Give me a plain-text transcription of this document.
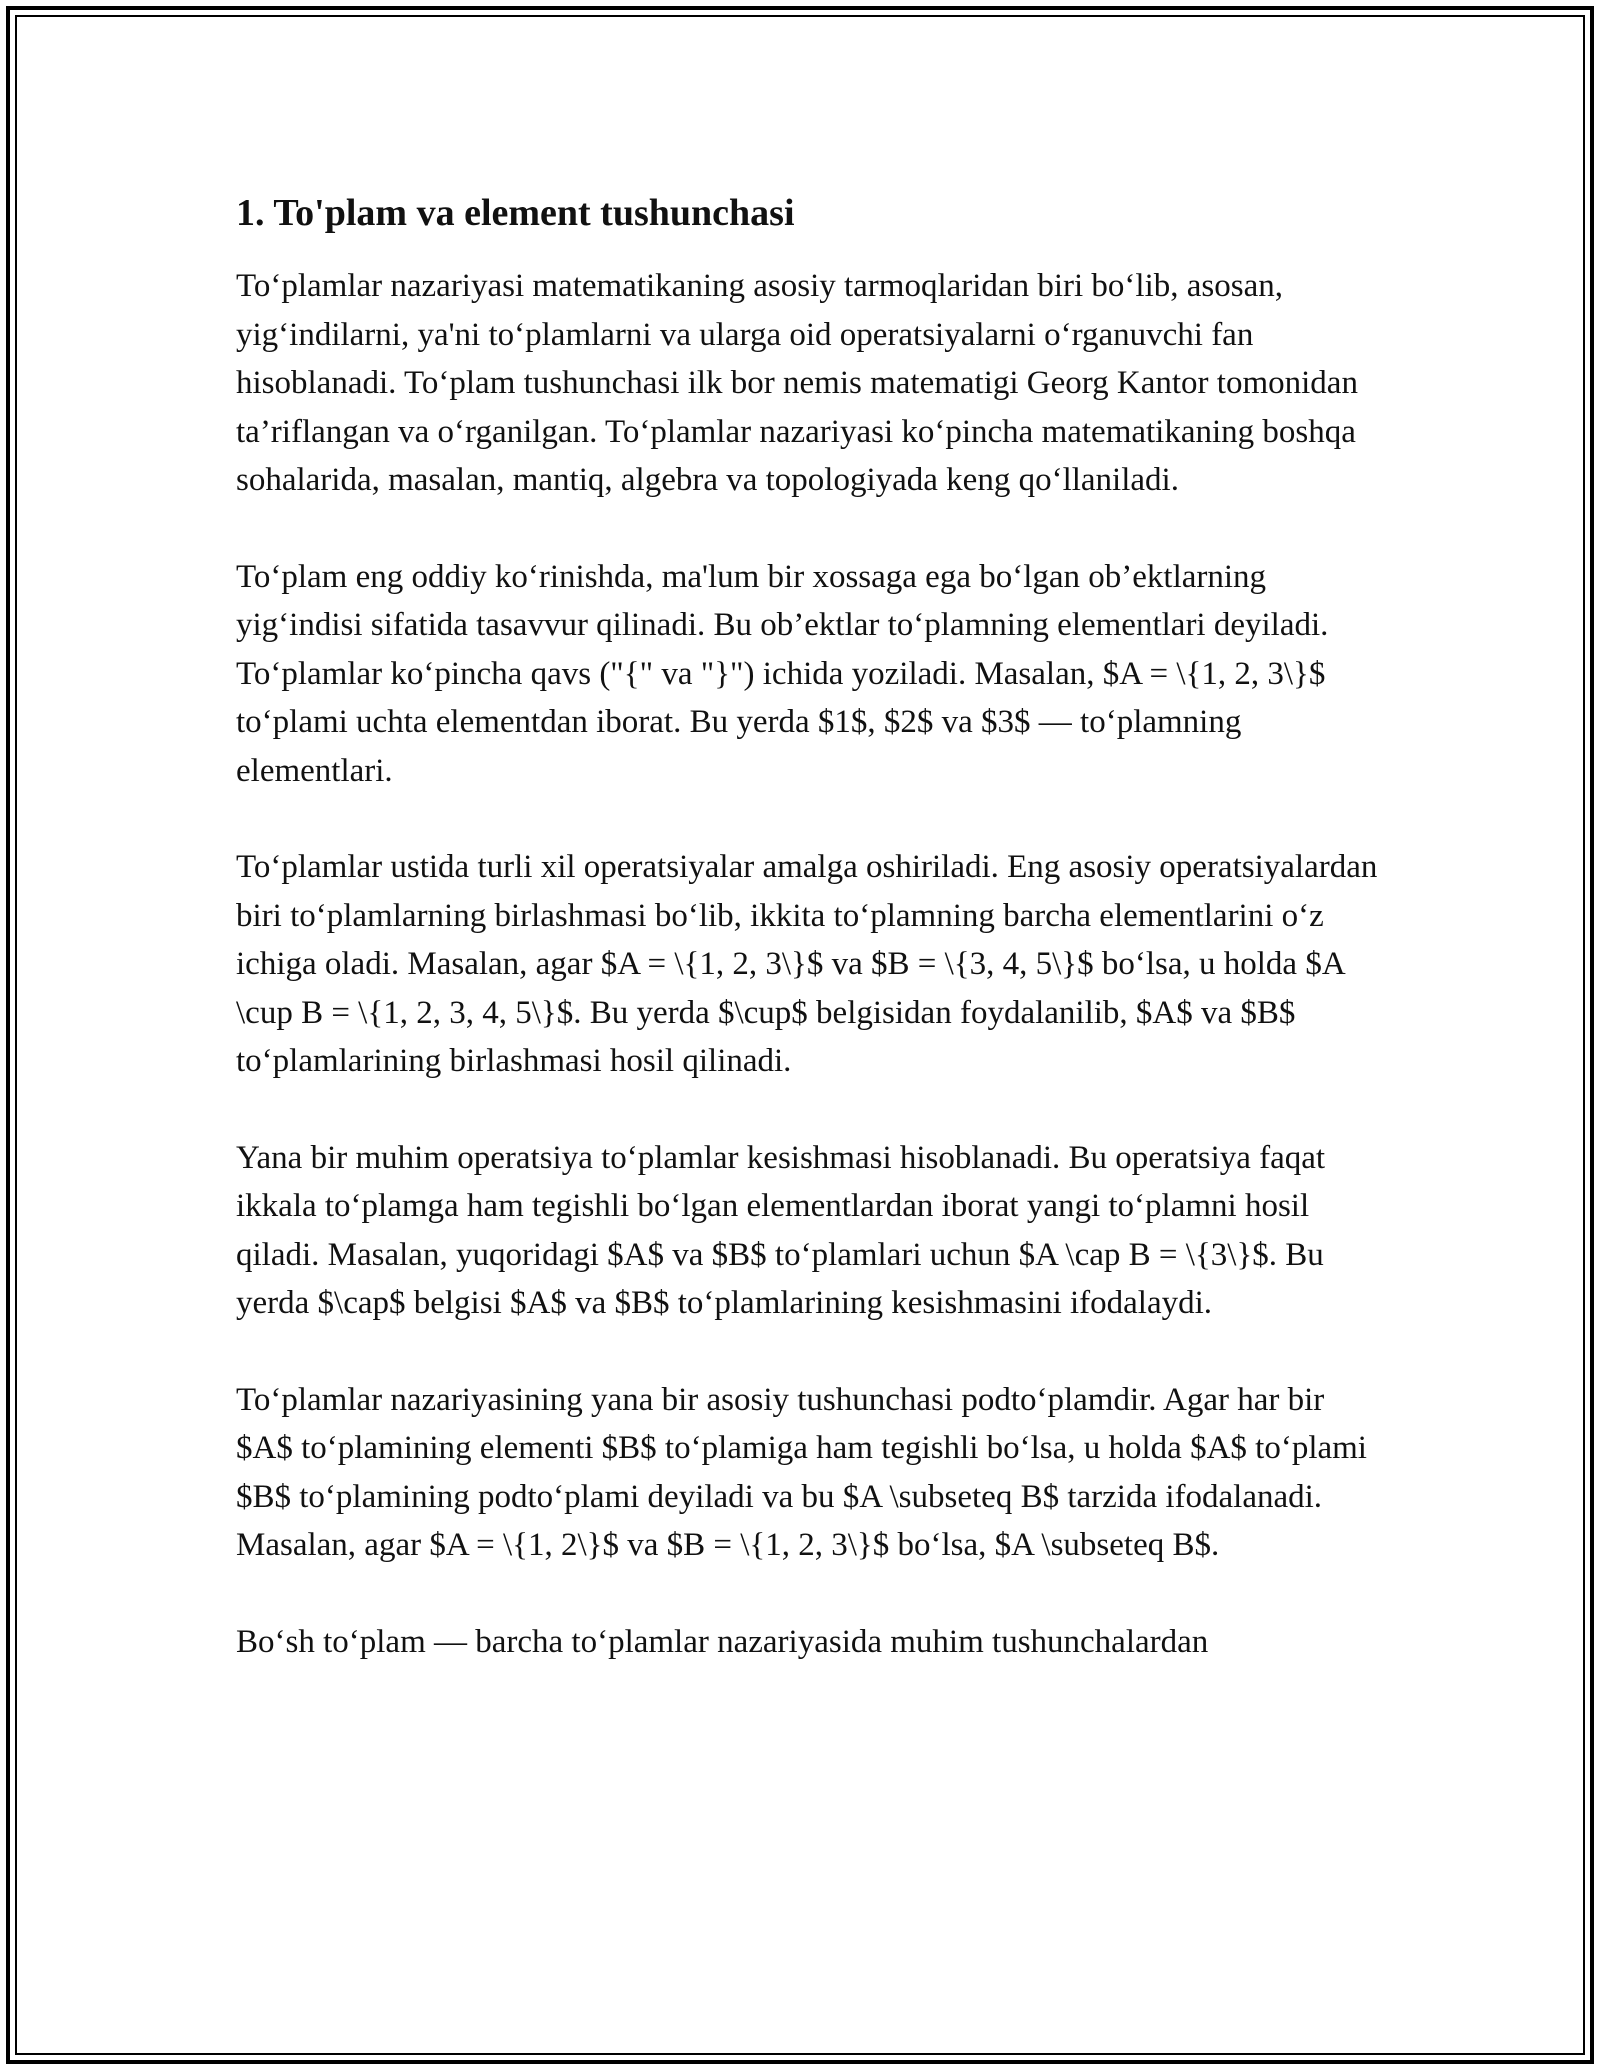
1. To'plam va element tushunchasi

To‘plamlar nazariyasi matematikaning asosiy tarmoqlaridan biri bo‘lib, asosan, yig‘indilarni, ya'ni to‘plamlarni va ularga oid operatsiyalarni o‘rganuvchi fan hisoblanadi. To‘plam tushunchasi ilk bor nemis matematigi Georg Kantor tomonidan ta’riflangan va o‘rganilgan. To‘plamlar nazariyasi ko‘pincha matematikaning boshqa sohalarida, masalan, mantiq, algebra va topologiyada keng qo‘llaniladi.

To‘plam eng oddiy ko‘rinishda, ma'lum bir xossaga ega bo‘lgan ob’ektlarning yig‘indisi sifatida tasavvur qilinadi. Bu ob’ektlar to‘plamning elementlari deyiladi. To‘plamlar ko‘pincha qavs ("{" va "}") ichida yoziladi. Masalan, $A = \{1, 2, 3\}$ to‘plami uchta elementdan iborat. Bu yerda $1$, $2$ va $3$ — to‘plamning elementlari.

To‘plamlar ustida turli xil operatsiyalar amalga oshiriladi. Eng asosiy operatsiyalardan biri to‘plamlarning birlashmasi bo‘lib, ikkita to‘plamning barcha elementlarini o‘z ichiga oladi. Masalan, agar $A = \{1, 2, 3\}$ va $B = \{3, 4, 5\}$ bo‘lsa, u holda $A \cup B = \{1, 2, 3, 4, 5\}$. Bu yerda $\cup$ belgisidan foydalanilib, $A$ va $B$ to‘plamlarining birlashmasi hosil qilinadi.

Yana bir muhim operatsiya to‘plamlar kesishmasi hisoblanadi. Bu operatsiya faqat ikkala to‘plamga ham tegishli bo‘lgan elementlardan iborat yangi to‘plamni hosil qiladi. Masalan, yuqoridagi $A$ va $B$ to‘plamlari uchun $A \cap B = \{3\}$. Bu yerda $\cap$ belgisi $A$ va $B$ to‘plamlarining kesishmasini ifodalaydi.

To‘plamlar nazariyasining yana bir asosiy tushunchasi podto‘plamdir. Agar har bir $A$ to‘plamining elementi $B$ to‘plamiga ham tegishli bo‘lsa, u holda $A$ to‘plami $B$ to‘plamining podto‘plami deyiladi va bu $A \subseteq B$ tarzida ifodalanadi. Masalan, agar $A = \{1, 2\}$ va $B = \{1, 2, 3\}$ bo‘lsa, $A \subseteq B$.

Bo‘sh to‘plam — barcha to‘plamlar nazariyasida muhim tushunchalardan
